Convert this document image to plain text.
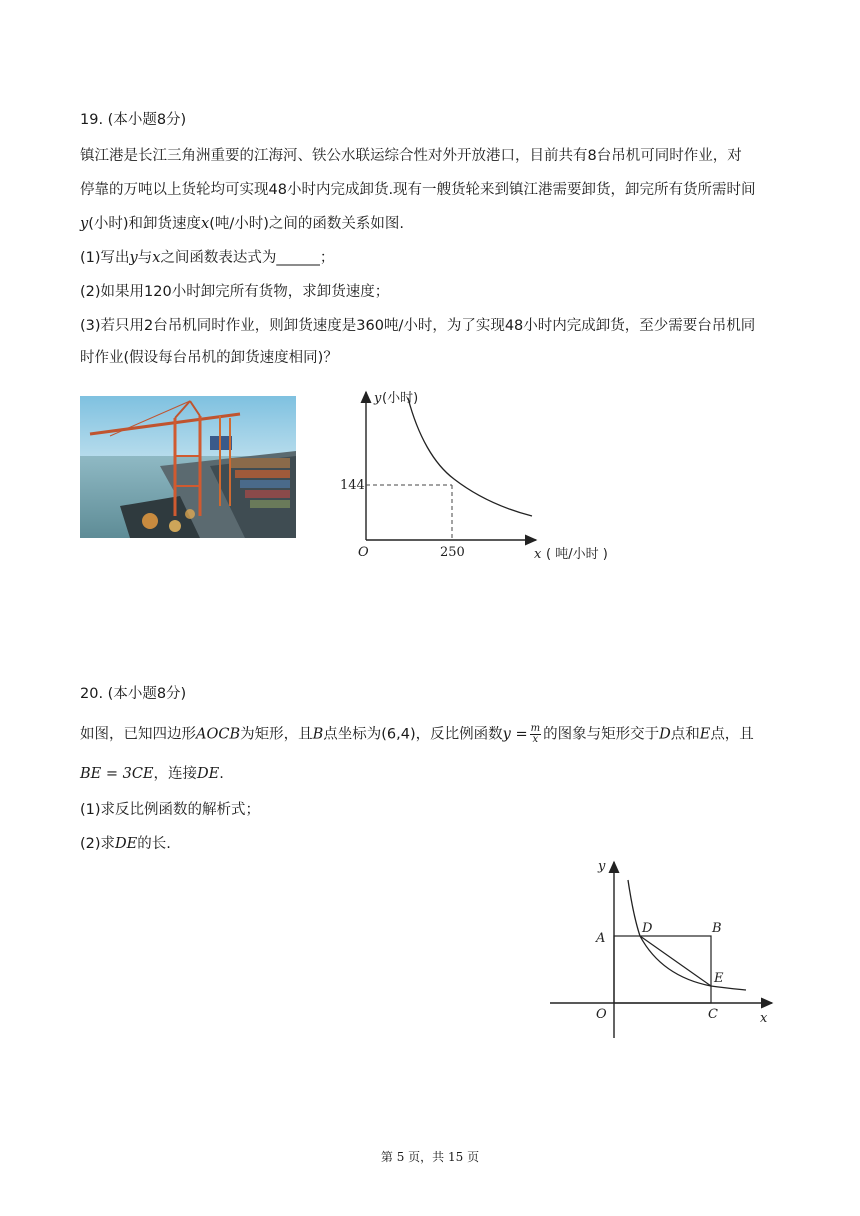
19. (本小题8分)
镇江港是长江三角洲重要的江海河、铁公水联运综合性对外开放港口，目前共有8台吊机可同时作业，对
停靠的万吨以上货轮均可实现48小时内完成卸货.现有一艘货轮来到镇江港需要卸货，卸完所有货所需时间
y(小时)和卸货速度x(吨/小时)之间的函数关系如图.
(1)写出y与x之间函数表达式为______；
(2)如果用120小时卸完所有货物，求卸货速度；
(3)若只用2台吊机同时作业，则卸货速度是360吨/小时，为了实现48小时内完成卸货，至少需要台吊机同
时作业(假设每台吊机的卸货速度相同)？
y (小时)
144
250
O	x ( 吨/小时 )
20. (本小题8分)
如图，已知四边形AOCB为矩形，且B点坐标为(6,4)，反比例函数$y = \frac{m}{x}$ 的图象与矩形交于D点和E点，且
BE = 3CE，连接DE.
(1)求反比例函数的解析式；
(2)求DE的长.
y
x
O
A
B
C
D
E
第 5 页，共 15 页
